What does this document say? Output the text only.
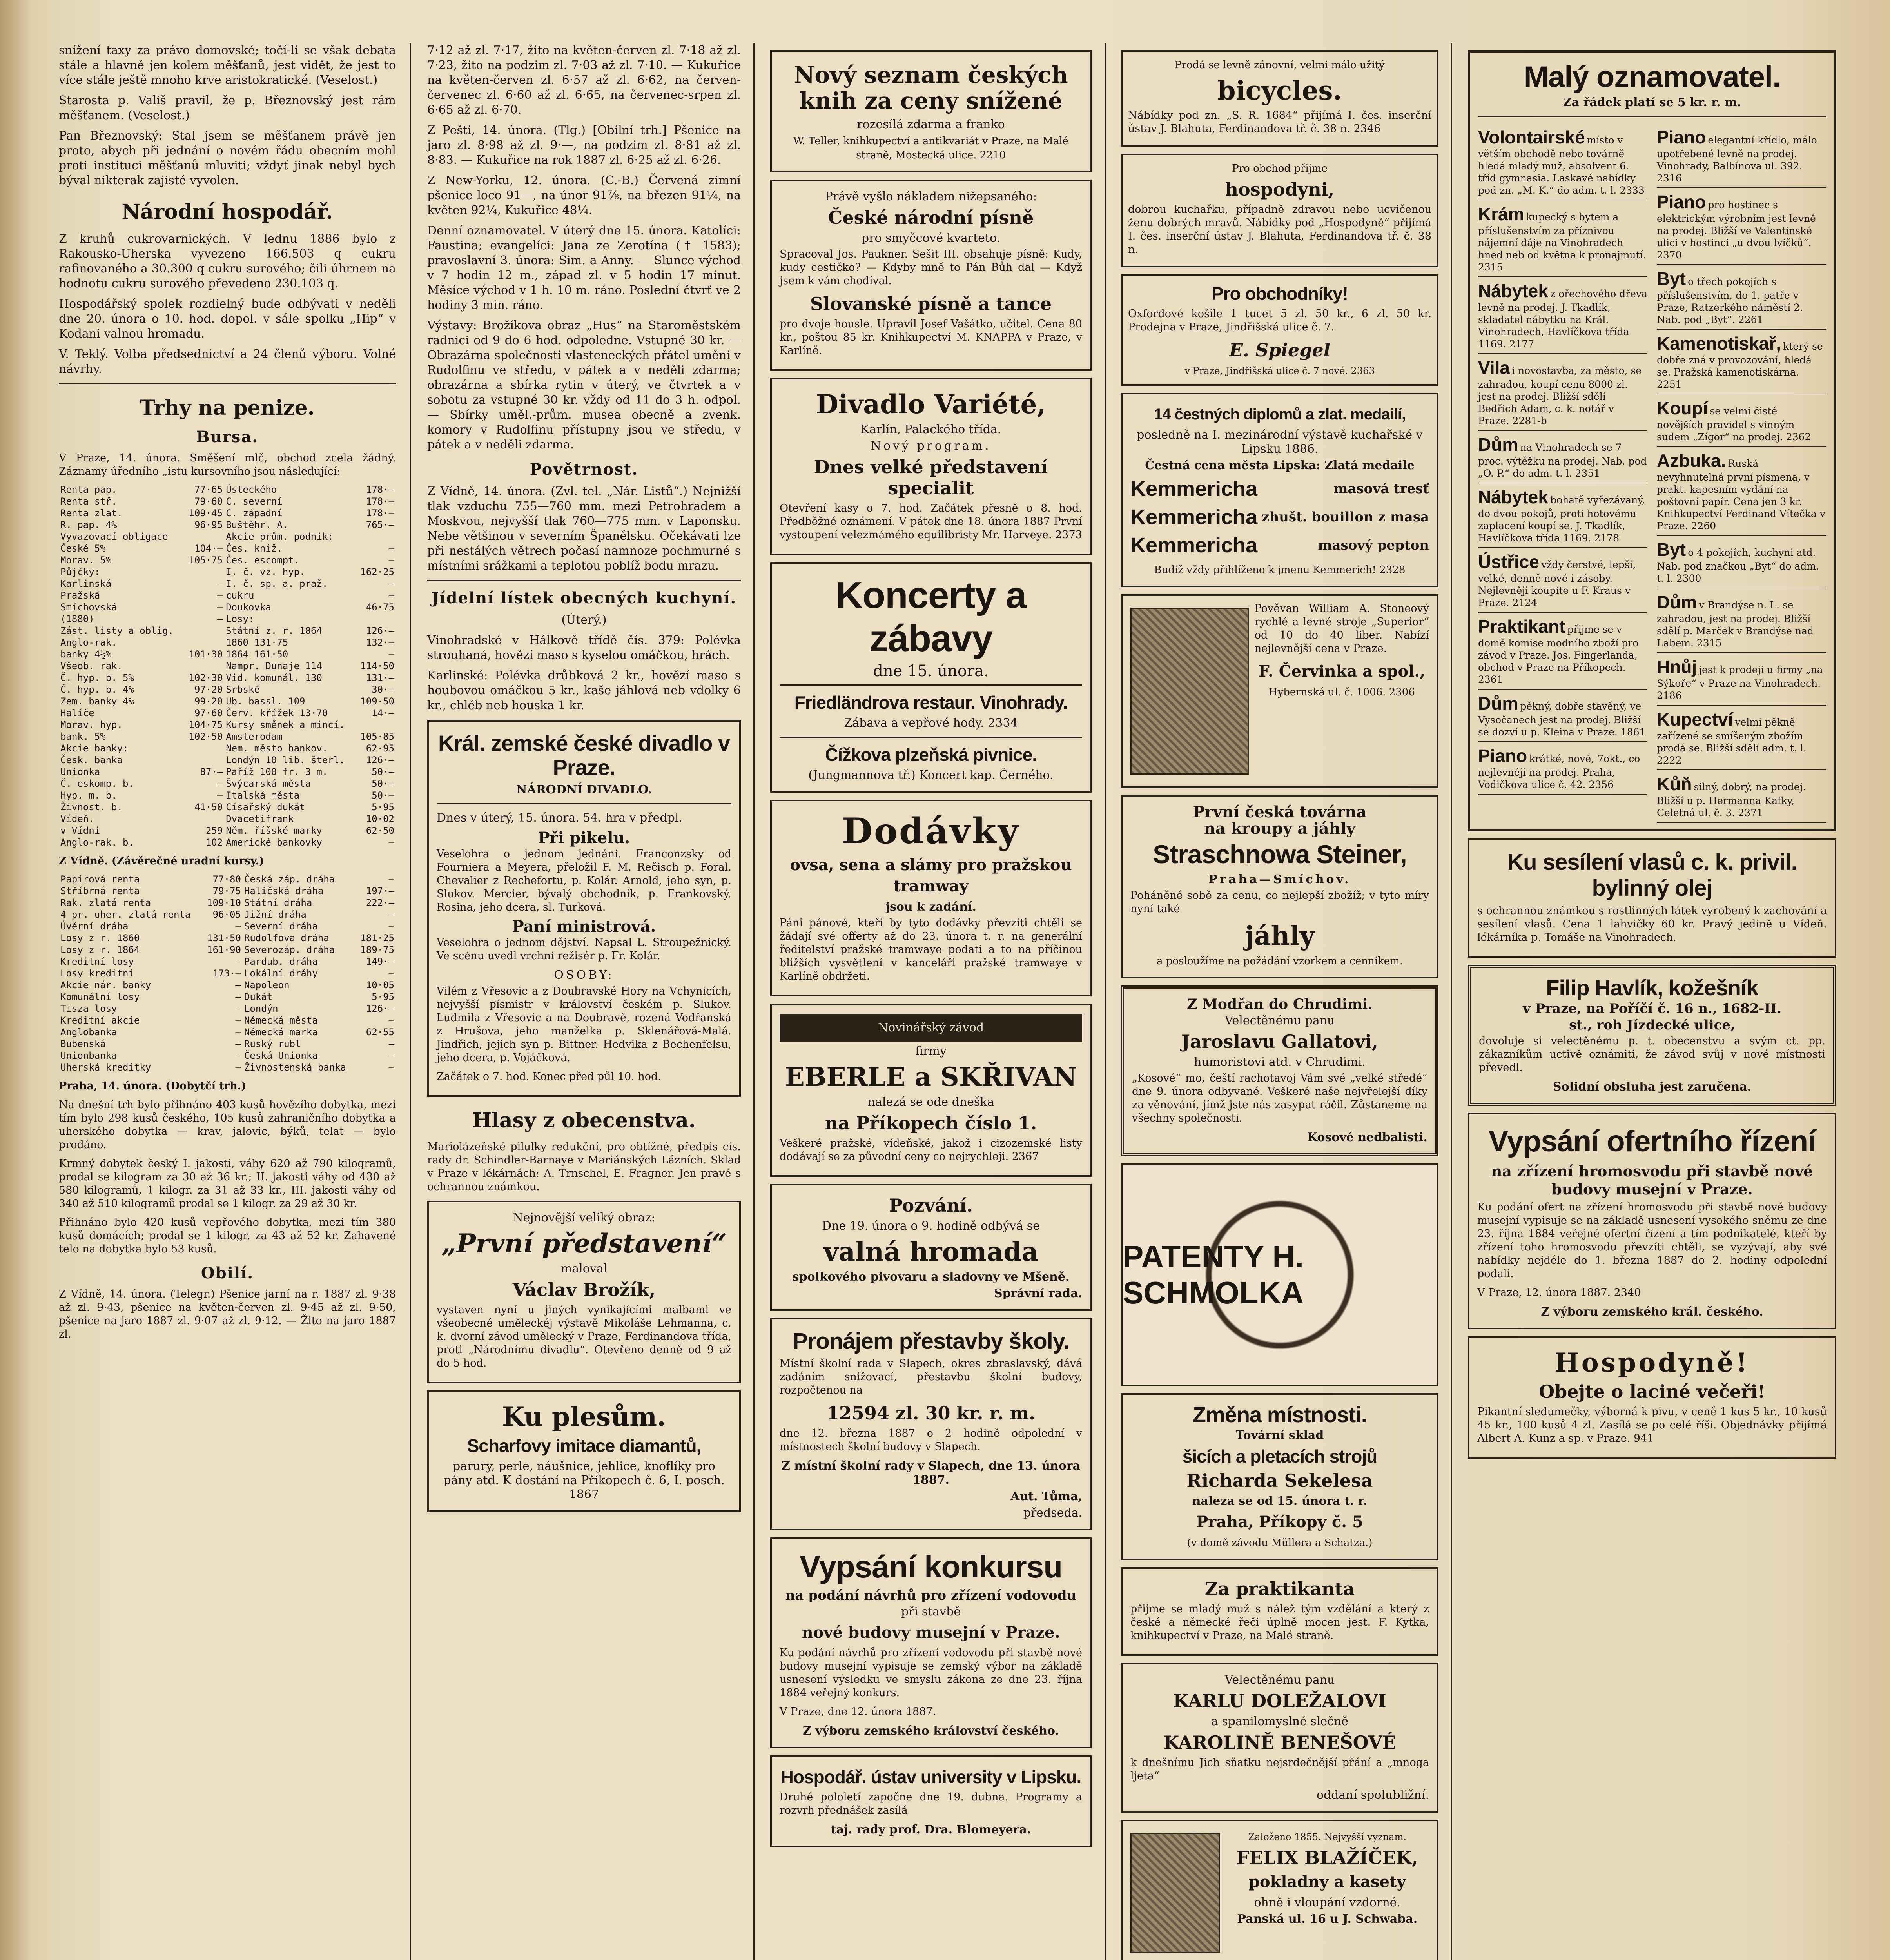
snížení taxy za právo domovské; točí-li se však debata stále a hlavně jen kolem měšťanů, jest vidět, že jest to více stále ještě mnoho krve aristokratické. (Veselost.)

Starosta p. Vališ pravil, že p. Březnovský jest rám měšťanem. (Veselost.)

Pan Březnovský: Stal jsem se měšťanem právě jen proto, abych při jednání o novém řádu obecním mohl proti instituci měšťanů mluviti; vždyť jinak nebyl bych býval nikterak zajisté vyvolen.

Národní hospodář.

Z kruhů cukrovarnických. V lednu 1886 bylo z Rakousko-Uherska vyvezeno 166.503 q cukru rafinovaného a 30.300 q cukru surového; čili úhrnem na hodnotu cukru surového převedeno 230.103 q.

Hospodářský spolek rozdielný bude odbývati v neděli dne 20. února o 10. hod. dopol. v sále spolku „Hip“ v Kodani valnou hromadu.

V. Teklý. Volba předsednictví a 24 členů výboru. Volné návrhy.

Trhy na penize.
Bursa.

V Praze, 14. února. Směšení mlč, obchod zcela žádný. Záznamy úředního „istu kursovního jsou následující:

Renta pap.	77·65	Ústeckého	178·—
Renta stř.	79·60	C. severní	178·—
Renta zlat.	109·45	C. západní	178·—
R. pap. 4%	96·95	Buštěhr. A.	765·—
Vyvazovací obligace		Akcie prům. podnik:	
České 5%	104·—	Čes. kniž.	—
Morav. 5%	105·75	Čes. escompt.	—
Půjčky:		I. č. vz. hyp.	162·25
Karlinská	—	I. č. sp. a. praž.	—
Pražská	—	cukru	—
Smíchovská	—	Doukovka	46·75
(1880)	—	Losy:	
Zást. listy a oblig.		Státní z. r. 1864	126·—
Anglo-rak.		1860 131·75	132·—
banky 4½%	101·30	1864 161·50	—
Všeob. rak.		Nampr. Dunaje 114	114·50
Č. hyp. b. 5%	102·30	Vid. komunál. 130	131·—
Č. hyp. b. 4%	97·20	Srbské	30·—
Zem. banky 4%	99·20	Ub. bassl. 109	109·50
Halíče	97·60	Červ. křížek 13·70	14·—
Morav. hyp.	104·75	Kursy směnek a mincí.	
bank. 5%	102·50	Amsterodam	105·85
Akcie banky:		Nem. město bankov.	62·95
Česk. banka		Londýn 10 lib. šterl.	126·—
Unionka	87·—	Paříž 100 fr. 3 m.	50·—
Č. eskomp. b.	—	Švýcarská města	50·—
Hyp. m. b.	—	Italská města	50·—
Živnost. b.	41·50	Císařský dukát	5·95
Vídeň.		Dvacetifrank	10·02
v Vídni	259	Něm. říšské marky	62·50
Anglo-rak. b.	102	Americké bankovky	—

Z Vídně. (Závěrečné uradní kursy.)

Papírová renta	77·80	Česká záp. dráha	—
Stříbrná renta	79·75	Haličská dráha	197·—
Rak. zlatá renta	109·10	Státní dráha	222·—
4 pr. uher. zlatá renta	96·05	Jižní dráha	—
Úvěrní dráha	—	Severní dráha	—
Losy z r. 1860	131·50	Rudolfova dráha	181·25
Losy z r. 1864	161·90	Severozáp. dráha	189·75
Kreditní losy	—	Pardub. dráha	149·—
Losy kreditní	173·—	Lokální dráhy	—
Akcie nár. banky	—	Napoleon	10·05
Komunální losy	—	Dukát	5·95
Tisza losy	—	Londýn	126·—
Kreditní akcie	—	Německá města	—
Anglobanka	—	Německá marka	62·55
Bubenská	—	Ruský rubl	—
Unionbanka	—	Česká Unionka	—
Uherská kreditky	—	Živnostenská banka	—

Praha, 14. února. (Dobytčí trh.)

Na dnešní trh bylo přihnáno 403 kusů hovězího dobytka, mezi tím bylo 298 kusů českého, 105 kusů zahraničního dobytka a uherského dobytka — krav, jalovic, býků, telat — bylo prodáno.

Krmný dobytek český I. jakosti, váhy 620 až 790 kilogramů, prodal se kilogram za 30 až 36 kr.; II. jakosti váhy od 430 až 580 kilogramů, 1 kilogr. za 31 až 33 kr., III. jakosti váhy od 340 až 510 kilogramů prodal se 1 kilogr. za 29 až 30 kr.

Přihnáno bylo 420 kusů vepřového dobytka, mezi tím 380 kusů domácích; prodal se 1 kilogr. za 43 až 52 kr. Zahavené telo na dobytka bylo 53 kusů.

Obilí.

Z Vídně, 14. února. (Telegr.) Pšenice jarní na r. 1887 zl. 9·38 až zl. 9·43, pšenice na květen-červen zl. 9·45 až zl. 9·50, pšenice na jaro 1887 zl. 9·07 až zl. 9·12. — Žito na jaro 1887 zl.

7·12 až zl. 7·17, žito na květen-červen zl. 7·18 až zl. 7·23, žito na podzim zl. 7·03 až zl. 7·10. — Kukuřice na květen-červen zl. 6·57 až zl. 6·62, na červen-červenec zl. 6·60 až zl. 6·65, na červenec-srpen zl. 6·65 až zl. 6·70.

Z Pešti, 14. února. (Tlg.) [Obilní trh.] Pšenice na jaro zl. 8·98 až zl. 9·—, na podzim zl. 8·81 až zl. 8·83. — Kukuřice na rok 1887 zl. 6·25 až zl. 6·26.

Z New-Yorku, 12. února. (C.-B.) Červená zimní pšenice loco 91—, na únor 91⅞, na březen 91¼, na květen 92¼, Kukuřice 48¼.

Denní oznamovatel. V úterý dne 15. února. Katolíci: Faustina; evangelíci: Jana ze Zerotína († 1583); pravoslavní 3. února: Sim. a Anny. — Slunce východ v 7 hodin 12 m., západ zl. v 5 hodin 17 minut. Měsíce východ v 1 h. 10 m. ráno. Poslední čtvrť ve 2 hodiny 3 min. ráno.

Výstavy: Brožíkova obraz „Hus“ na Staroměstském radnici od 9 do 6 hod. odpoledne. Vstupné 30 kr. — Obrazárna společnosti vlasteneckých přátel umění v Rudolfinu ve středu, v pátek a v neděli zdarma; obrazárna a sbírka rytin v úterý, ve čtvrtek a v sobotu za vstupné 30 kr. vždy od 11 do 3 h. odpol. — Sbírky uměl.-prům. musea obecně a zvenk. komory v Rudolfinu přístupny jsou ve středu, v pátek a v neděli zdarma.

Povětrnost.

Z Vídně, 14. února. (Zvl. tel. „Nár. Listů“.) Nejnižší tlak vzduchu 755—760 mm. mezi Petrohradem a Moskvou, nejvyšší tlak 760—775 mm. v Laponsku. Nebe většinou v severním Španělsku. Očekávati lze při nestálých větrech počasí namnoze pochmurné s místními srážkami a teplotou poblíž bodu mrazu.

Jídelní lístek obecných kuchyní.

(Úterý.)

Vinohradské v Hálkově třídě čís. 379: Polévka strouhaná, hovězí maso s kyselou omáčkou, hrách.

Karlinské: Polévka drůbková 2 kr., hovězí maso s houbovou omáčkou 5 kr., kaše jáhlová neb vdolky 6 kr., chléb neb houska 1 kr.

Král. zemské české divadlo v Praze.
NÁRODNÍ DIVADLO.

Dnes v úterý, 15. února. 54. hra v předpl.

Při pikelu.

Veselohra o jednom jednání. Franconzsky od Fourniera a Meyera, přeložil F. M. Rečisch p. Foral. Chevalier z Rechefortu, p. Kolár. Arnold, jeho syn, p. Slukov. Mercier, bývalý obchodník, p. Frankovský. Rosina, jeho dcera, sl. Turková.

Paní ministrová.

Veselohra o jednom dějství. Napsal L. Stroupežnický. Ve scénu uvedl vrchní režisér p. Fr. Kolár.

OSOBY:

Vilém z Vřesovic a z Doubravské Hory na Vchynicích, nejvyšší písmistr v království českém p. Slukov. Ludmila z Vřesovic a na Doubravě, rozená Vodřanská z Hrušova, jeho manželka p. Sklenářová-Malá. Jindřich, jejich syn p. Bittner. Hedvika z Bechenfelsu, jeho dcera, p. Vojáčková.

Začátek o 7. hod. Konec před půl 10. hod.

Hlasy z obecenstva.

Mariolázeňské pilulky redukční, pro obtížné, předpis cís. rady dr. Schindler-Barnaye v Mariánských Lázních. Sklad v Praze v lékárnách: A. Trnschel, E. Fragner. Jen pravé s ochrannou známkou.

Nejnovější veliký obraz:
„První představení“
maloval
Václav Brožík,

vystaven nyní u jiných vynikajícími malbami ve všeobecné uměleckéj výstavě Mikoláše Lehmanna, c. k. dvorní závod umělecký v Praze, Ferdinandova třída, proti „Národnímu divadlu“. Otevřeno denně od 9 až do 5 hod.

Ku plesům.
Scharfovy imitace diamantů,
parury, perle, náušnice, jehlice, knoflíky pro pány atd. K dostání na Příkopech č. 6, I. posch. 1867
Nový seznam českých knih za ceny snížené
rozesílá zdarma a franko
W. Teller, knihkupectví a antikvariát v Praze, na Malé straně, Mostecká ulice. 2210
Právě vyšlo nákladem nižepsaného:
České národní písně
pro smyčcové kvarteto.

Spracoval Jos. Paukner. Sešit III. obsahuje písně: Kudy, kudy cestičko? — Kdyby mně to Pán Bůh dal — Když jsem k vám chodíval.

Slovanské písně a tance

pro dvoje housle. Upravil Josef Vašátko, učitel. Cena 80 kr., poštou 85 kr. Knihkupectví M. KNAPPA v Praze, v Karlíně.

Divadlo Variété,
Karlín, Palackého třída.
Nový program.
Dnes velké představení specialit

Otevření kasy o 7. hod. Začátek přesně o 8. hod. Předběžné oznámení. V pátek dne 18. února 1887 První vystoupení velezmámého equilibristy Mr. Harveye. 2373

Koncerty a zábavy
dne 15. února.
Friedländrova restaur. Vinohrady.
Zábava a vepřové hody. 2334
Čížkova plzeňská pivnice.
(Jungmannova tř.) Koncert kap. Černého.
Dodávky
ovsa, sena a slámy pro pražskou tramway
jsou k zadání.

Páni pánové, kteří by tyto dodávky převzíti chtěli se žádají své offerty až do 23. února t. r. na generální ředitelství pražské tramwaye podati a to na příčinou bližších vysvětlení v kanceláři pražské tramwaye v Karlíně obdržeti.

Novinářský závod
firmy
EBERLE a SKŘIVAN
nalezá se ode dneška
na Příkopech číslo 1.

Veškeré pražské, vídeňské, jakož i cizozemské listy dodávají se za původní ceny co nejrychleji. 2367

Pozvání.
Dne 19. února o 9. hodině odbývá se
valná hromada
spolkového pivovaru a sladovny ve Mšeně.
Správní rada.
Pronájem přestavby školy.

Místní školní rada v Slapech, okres zbraslavský, dává zadáním snižovací, přestavbu školní budovy, rozpočtenou na

12594 zl. 30 kr. r. m.

dne 12. března 1887 o 2 hodině odpolední v místnostech školní budovy v Slapech.

Z místní školní rady v Slapech, dne 13. února 1887.
Aut. Tůma,
předseda.
Vypsání konkursu
na podání návrhů pro zřízení vodovodu
při stavbě
nové budovy musejní v Praze.

Ku podání návrhů pro zřízení vodovodu při stavbě nové budovy musejní vypisuje se zemský výbor na základě usnesení výsledku ve smyslu zákona ze dne 23. října 1884 veřejný konkurs.

V Praze, dne 12. února 1887.

Z výboru zemského království českého.
Hospodář. ústav university v Lipsku.

Druhé pololetí započne dne 19. dubna. Programy a rozvrh přednášek zasílá

taj. rady prof. Dra. Blomeyera.
Prodá se levně zánovní, velmi málo užitý
bicycles.

Nábídky pod zn. „S. R. 1684“ přijímá I. čes. inserční ústav J. Blahuta, Ferdinandova tř. č. 38 n. 2346

Pro obchod přijme
hospodyni,

dobrou kuchařku, případně zdravou nebo ucvičenou ženu dobrých mravů. Nábídky pod „Hospodyně“ přijímá I. čes. inserční ústav J. Blahuta, Ferdinandova tř. č. 38 n.

Pro obchodníky!

Oxfordové košile 1 tucet 5 zl. 50 kr., 6 zl. 50 kr. Prodejna v Praze, Jindřišská ulice č. 7.

E. Spiegel
v Praze, Jindřišská ulice č. 7 nové. 2363
14 čestných diplomů a zlat. medailí,
posledně na I. mezinárodní výstavě kuchařské v Lipsku 1886.
Čestná cena města Lipska: Zlatá medaile
Kemmericha	masová tresť
Kemmericha zhušt. bouillon z masa
Kemmericha	masový pepton
Budiž vždy přihlíženo k jmenu Kemmerich! 2328

Pověvan William A. Stoneový rychlé a levné stroje „Superior“ od 10 do 40 liber. Nabízí nejlevnější cena v Praze.

F. Červinka a spol.,
Hybernská ul. č. 1006. 2306
První česká továrna
na kroupy a jáhly
Straschnowa Steiner,
Praha—Smíchov.

Poháněné sobě za cenu, co nejlepší zbožíž; v tyto míry nyní také

jáhly
a posloužíme na požádání vzorkem a cenníkem.
Z Modřan do Chrudimi.
Velectěnému panu
Jaroslavu Gallatovi,
humoristovi atd. v Chrudimi.

„Kosové“ mo, čeští rachotavoj Vám své „velké středé“ dne 9. února odbyvané. Veškeré naše nejvřelejší díky za věnování, jímž jste nás zasypat ráčil. Zůstaneme na všechny společnosti.

Kosové nedbalisti.
PATENTY H. SCHMOLKA
Změna místnosti.
Tovární sklad
šicích a pletacích strojů
Richarda Sekelesa
naleza se od 15. února t. r.
Praha, Příkopy č. 5
(v domě závodu Müllera a Schatza.)
Za praktikanta

přijme se mladý muž s nálež tým vzdělání a který z české a německé řeči úplně mocen jest. F. Kytka, knihkupectví v Praze, na Malé straně.

Velectěnému panu
KARLU DOLEŽALOVI
a spanilomyslné slečně
KAROLINĚ BENEŠOVÉ

k dnešnímu Jich sňatku nejsrdečnější přání a „mnoga ljeta“

oddaní spolubližní.
Založeno 1855. Nejvyšší vyznam.
FELIX BLAŽÍČEK,
pokladny a kasety
ohně i vloupání vzdorné.
Panská ul. 16 u J. Schwaba.
Malý oznamovatel.
Za řádek platí se 5 kr. r. m.
Volontairské místo v větším obchodě nebo továrně hledá mladý muž, absolvent 6. tříd gymnasia. Laskavé nabídky pod zn. „M. K.“ do adm. t. l. 2333
Krám kupecký s bytem a příslušenstvím za příznivou nájemní dáje na Vinohradech hned neb od května k pronajmutí. 2315
Nábytek z ořechového dřeva levně na prodej. J. Tkadlík, skladatel nábytku na Král. Vinohradech, Havlíčkova třída 1169. 2177
Vila i novostavba, za město, se zahradou, koupí cenu 8000 zl. jest na prodej. Bližší sdělí Bedřich Adam, c. k. notář v Praze. 2281-b
Dům na Vinohradech se 7 proc. výtěžku na prodej. Nab. pod „O. P.“ do adm. t. l. 2351
Nábytek bohatě vyřezávaný, do dvou pokojů, proti hotovému zaplacení koupí se. J. Tkadlík, Havlíčkova třída 1169. 2178
Ústřice vždy čerstvé, lepší, velké, denně nové i zásoby. Nejlevněji koupíte u F. Kraus v Praze. 2124
Praktikant přijme se v domě komise modního zboží pro závod v Praze. Jos. Fingerlanda, obchod v Praze na Příkopech. 2361
Dům pěkný, dobře stavěný, ve Vysočanech jest na prodej. Bližší se dozví u p. Kleina v Praze. 1861
Piano krátké, nové, 7okt., co nejlevněji na prodej. Praha, Vodičkova ulice č. 42. 2356
Piano elegantní křídlo, málo upotřebené levně na prodej. Vinohrady, Balbínova ul. 392. 2316
Piano pro hostinec s elektrickým výrobním jest levně na prodej. Bližší ve Valentinské ulici v hostinci „u dvou lvíčků“. 2370
Byt o třech pokojích s příslušenstvím, do 1. patře v Praze, Ratzerkého náměstí 2. Nab. pod „Byt“. 2261
Kamenotiskař, který se dobře zná v provozování, hledá se. Pražská kamenotiskárna. 2251
Koupí se velmi čisté novějších pravidel s vinným sudem „Zígor“ na prodej. 2362
Azbuka. Ruská nevyhnutelná první písmena, v prakt. kapesním vydání na poštovní papír. Cena jen 3 kr. Knihkupectví Ferdinand Vítečka v Praze. 2260
Byt o 4 pokojích, kuchyni atd. Nab. pod značkou „Byt“ do adm. t. l. 2300
Dům v Brandýse n. L. se zahradou, jest na prodej. Bližší sdělí p. Marček v Brandýse nad Labem. 2315
Hnůj jest k prodeji u firmy „na Sýkoře“ v Praze na Vinohradech. 2186
Kupectví velmi pěkně zařízené se smíšeným zbožím prodá se. Bližší sdělí adm. t. l. 2222
Kůň silný, dobrý, na prodej. Bližší u p. Hermanna Kafky, Celetná ul. č. 3. 2371
Ku sesílení vlasů c. k. privil. bylinný olej

s ochrannou známkou s rostlinných látek vyrobený k zachování a sesílení vlasů. Cena 1 lahvičky 60 kr. Pravý jedině u Vídeň. lékárníka p. Tomáše na Vinohradech.

Filip Havlík, kožešník
v Praze, na Poříčí č. 16 n., 1682-II.
st., roh Jízdecké ulice,

dovoluje si velectěnému p. t. obecenstvu a svým ct. pp. zákazníkům uctivě oznámiti, že závod svůj v nové místnosti převedl.

Solidní obsluha jest zaručena.
Vypsání ofertního řízení
na zřízení hromosvodu při stavbě nové budovy musejní v Praze.

Ku podání ofert na zřízení hromosvodu při stavbě nové budovy musejní vypisuje se na základě usnesení vysokého sněmu ze dne 23. října 1884 veřejné ofertní řízení a tím podnikatelé, kteří by zřízení toho hromosvodu převzíti chtěli, se vyzývají, aby své nabídky nejdéle do 1. března 1887 do 2. hodiny odpolední podali.

V Praze, 12. února 1887. 2340

Z výboru zemského král. českého.
Hospodyně!
Obejte o laciné večeři!

Pikantní sledumečky, výborná k pivu, v ceně 1 kus 5 kr., 10 kusů 45 kr., 100 kusů 4 zl. Zasílá se po celé říši. Objednávky přijímá Albert A. Kunz a sp. v Praze. 941
